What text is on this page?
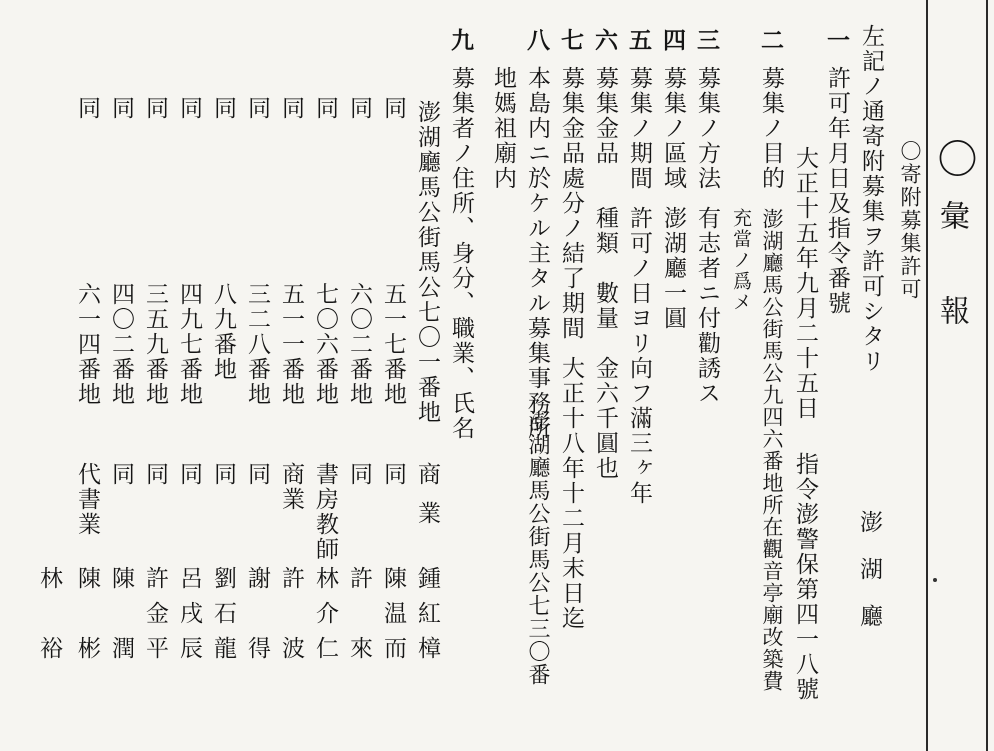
〇
彙
報
〇寄附募集許可
澎湖廳
左記ノ通寄附募集ヲ許可シタリ
一
許可年月日及指令番號
大正十五年九月二十五日
指令澎警保第四一八號
二
募集ノ目的
澎湖廳馬公街馬公九四六番地所在觀音亭廟改築費
充當ノ爲メ
三
募集ノ方法
有志者ニ付勸誘ス
四
募集ノ區域
澎湖廳一圓
五
募集ノ期間
許可ノ日ヨリ向フ滿三ヶ年
六
募集金品
種類　數量　金六千圓也
七
募集金品處分ノ結了期間
大正十八年十二月末日迄
八
本島内ニ於ケル主タル募集事務所
澎湖廳馬公街馬公七三〇番
地媽祖廟内
九
募集者ノ住所、身分、職業、氏名
澎湖廳馬公街馬公七〇一番地
商業
鍾紅樟
同
五一七番地
同
陳温而
同
六〇二番地
同
許　來
同
七〇六番地
書房教師
林介仁
同
五一一番地
商業
許　波
同
三二八番地
同
謝　得
同
八九番地
同
劉石龍
同
四九七番地
同
呂戌辰
同
三五九番地
同
許金平
同
四〇二番地
同
陳　潤
同
六一四番地
代書業
陳　彬
林　裕
